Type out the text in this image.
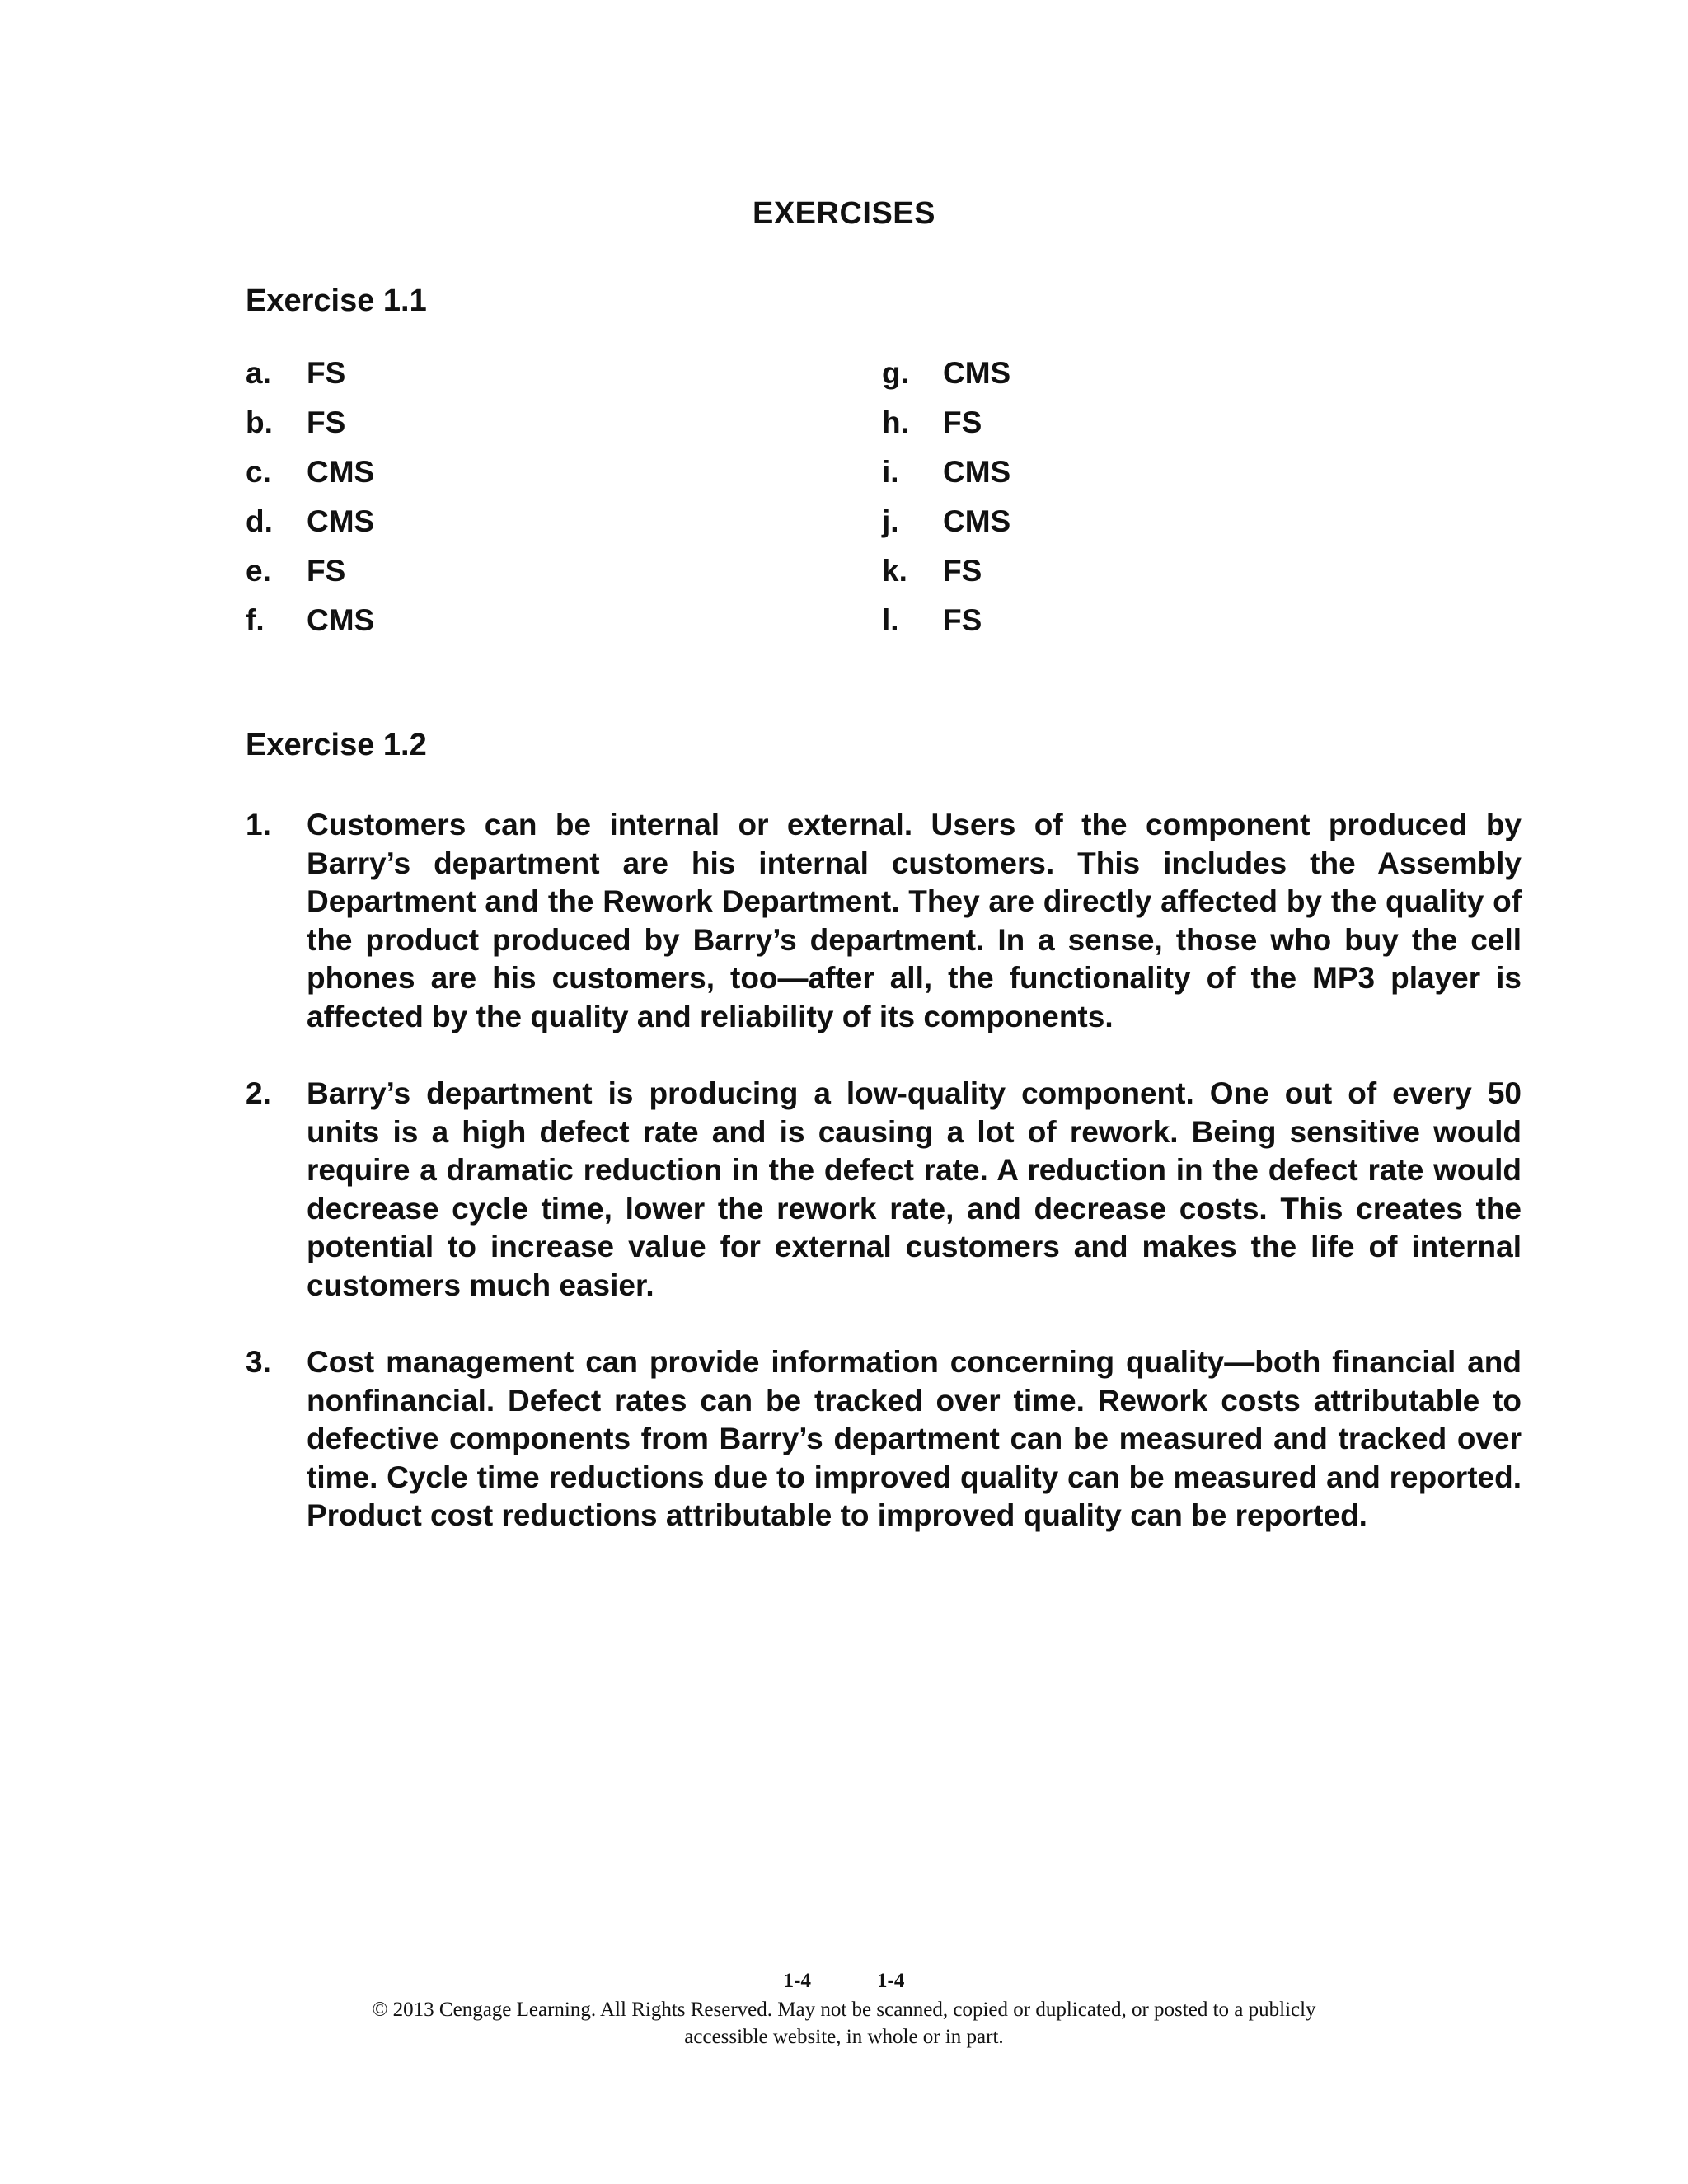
EXERCISES
Exercise 1.1
a. FS
b. FS
c. CMS
d. CMS
e. FS
f. CMS
g. CMS
h. FS
i. CMS
j. CMS
k. FS
l. FS
Exercise 1.2
1.	Customers can be internal or external. Users of the component produced by Barry’s department are his internal customers. This includes the Assembly Department and the Rework Department. They are directly affected by the quality of the product produced by Barry’s department. In a sense, those who buy the cell phones are his customers, too—after all, the functionality of the MP3 player is affected by the quality and reliability of its components.
2.	Barry’s department is producing a low-quality component. One out of every 50 units is a high defect rate and is causing a lot of rework. Being sensitive would require a dramatic reduction in the defect rate. A reduction in the defect rate would decrease cycle time, lower the rework rate, and decrease costs. This creates the potential to increase value for external customers and makes the life of internal customers much easier.
3.	Cost management can provide information concerning quality—both financial and nonfinancial. Defect rates can be tracked over time. Rework costs attributable to defective components from Barry’s department can be measured and tracked over time. Cycle time reductions due to improved quality can be measured and reported. Product cost reductions attributable to improved quality can be reported.
1-4	1-4
© 2013 Cengage Learning. All Rights Reserved. May not be scanned, copied or duplicated, or posted to a publicly
accessible website, in whole or in part.
